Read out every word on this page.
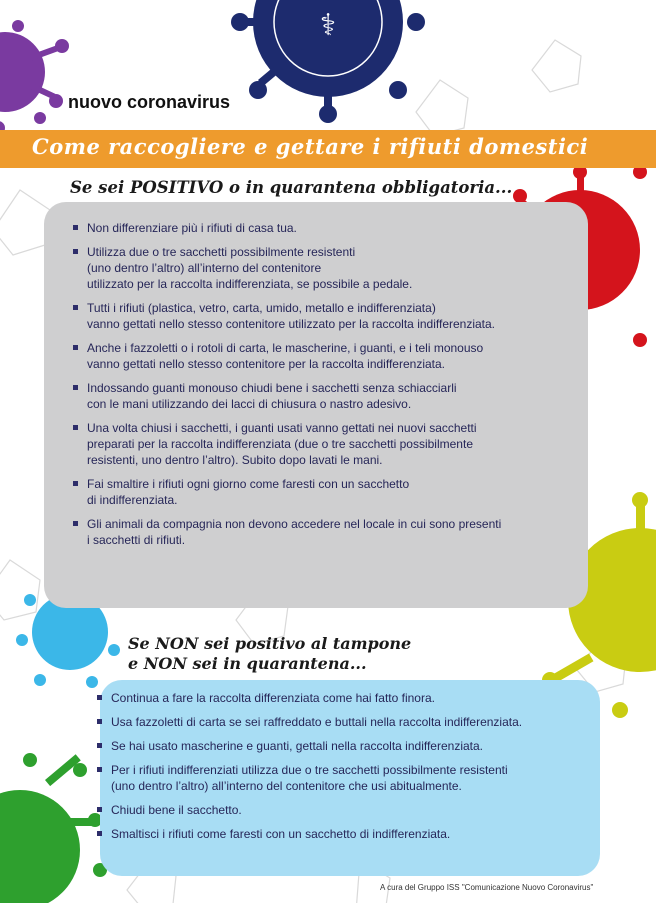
⚕
nuovo coronavirus
Come raccogliere e gettare i rifiuti domestici
Se sei POSITIVO o in quarantena obbligatoria...
Non differenziare più i rifiuti di casa tua.
Utilizza due o tre sacchetti possibilmente resistenti
(uno dentro l’altro) all’interno del contenitore
utilizzato per la raccolta indifferenziata, se possibile a pedale.
Tutti i rifiuti (plastica, vetro, carta, umido, metallo e indifferenziata)
vanno gettati nello stesso contenitore utilizzato per la raccolta indifferenziata.
Anche i fazzoletti o i rotoli di carta, le mascherine, i guanti, e i teli monouso
vanno gettati nello stesso contenitore per la raccolta indifferenziata.
Indossando guanti monouso chiudi bene i sacchetti senza schiacciarli
con le mani utilizzando dei lacci di chiusura o nastro adesivo.
Una volta chiusi i sacchetti, i guanti usati vanno gettati nei nuovi sacchetti
preparati per la raccolta indifferenziata (due o tre sacchetti possibilmente
resistenti, uno dentro l’altro). Subito dopo lavati le mani.
Fai smaltire i rifiuti ogni giorno come faresti con un sacchetto
di indifferenziata.
Gli animali da compagnia non devono accedere nel locale in cui sono presenti
i sacchetti di rifiuti.
Se NON sei positivo al tampone
e NON sei in quarantena...
Continua a fare la raccolta differenziata come hai fatto finora.
Usa fazzoletti di carta se sei raffreddato e buttali nella raccolta indifferenziata.
Se hai usato mascherine e guanti, gettali nella raccolta indifferenziata.
Per i rifiuti indifferenziati utilizza due o tre sacchetti possibilmente resistenti
(uno dentro l’altro) all’interno del contenitore che usi abitualmente.
Chiudi bene il sacchetto.
Smaltisci i rifiuti come faresti con un sacchetto di indifferenziata.
A cura del Gruppo ISS "Comunicazione Nuovo Coronavirus"
